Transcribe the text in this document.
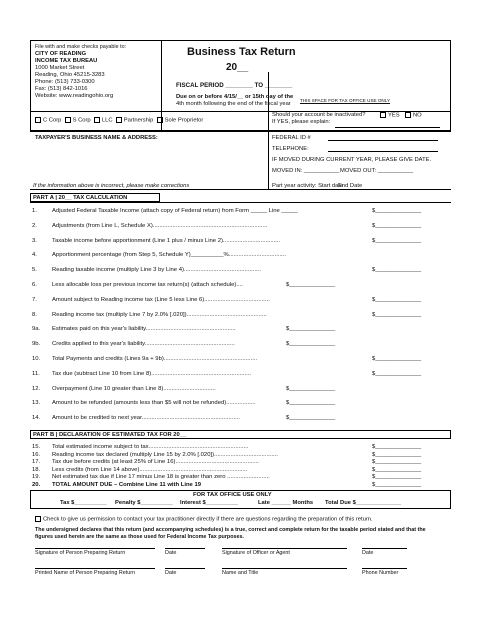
File with and make checks payable to:
CITY OF READING
INCOME TAX BUREAU
1000 Market Street
Reading, Ohio 45215-3283
Phone: (513) 733-0300
Fax: (513) 842-1016
Website: www.readingohio.org
Business Tax Return
20__
FISCAL PERIOD ________ TO ________
Due on or before 4/15/__ or 15th day of the
4th month following the end of the fiscal year
THIS SPACE FOR TAX OFFICE USE ONLY
C Corp S Corp LLC Partnership Sole Proprietor
Should your account be inactivated?	YES	NO
If YES, please explain:
TAXPAYER'S BUSINESS NAME & ADDRESS:	FEDERAL ID #
TELEPHONE:
IF MOVED DURING CURRENT YEAR, PLEASE GIVE DATE.
MOVED IN: ___________ MOVED OUT: ___________
If the information above is incorrect, please make corrections	Part year activity: Start date
End Date
PART A | 20__ TAX CALCULATION
1.	Adjusted Federal Taxable Income (attach copy of Federal return) from Form _____ Line _____	$______________
2.	Adjustments (from Line L, Schedule X)......................................................................	$______________
3.	Taxable income before apportionment (Line 1 plus / minus Line 2)...................................	$______________
4.	Apportionment percentage (from Step 5, Schedule Y)__________%...................................
5.	Reading taxable income (multiply Line 3 by Line 4)...............................................	$______________
6.	Less allocable loss per previous income tax return(s) (attach schedule)....	$______________
7.	Amount subject to Reading income tax (Line 5 less Line 6)........................................	$______________
8.	Reading income tax (multiply Line 7 by 2.0% [.020]).................................................	$______________
9a.	Estimates paid on this year's liability.......................................................	$______________
9b.	Credits applied to this year's liability.......................................................	$______________
10.	Total Payments and credits (Lines 9a + 9b).........................................................	$______________
11.	Tax due (subtract Line 10 from Line 8).............................................................	$______________
12.	Overpayment (Line 10 greater than Line 8)................................	$______________
13.	Amount to be refunded (amounts less than $5 will not be refunded)..................	$______________
14.	Amount to be credited to next year............................................................	$______________
PART B | DECLARATION OF ESTIMATED TAX FOR 20__
15.	Total estimated income subject to tax.............................................................	$______________
16.	Reading income tax declared (multiply Line 15 by 2.0% [.020]).......................................	$______________
17.	Tax due before credits (at least 25% of Line 16)...................................................	$______________
18.	Less credits (from Line 14 above)..................................................................	$______________
19.	Net estimated tax due if Line 17 minus Line 18 is greater than zero ..........................	$______________
20.	TOTAL AMOUNT DUE – Combine Line 11 with Line 19	$______________
FOR TAX OFFICE USE ONLY
Tax $__________ Penalty $__________ Interest $__________	Late ______ Months Total Due $______________
Check to give us permission to contact your tax practitioner directly if there are questions regarding the preparation of this return.
The undersigned declares that this return (and accompanying schedules) is a true, correct and complete return for the taxable period stated and that the figures used herein are the same as those used for Federal Income Tax purposes.
Signature of Person Preparing Return	Date	Signature of Officer or Agent	Date
Printed Name of Person Preparing Return	Date	Name and Title	Phone Number
